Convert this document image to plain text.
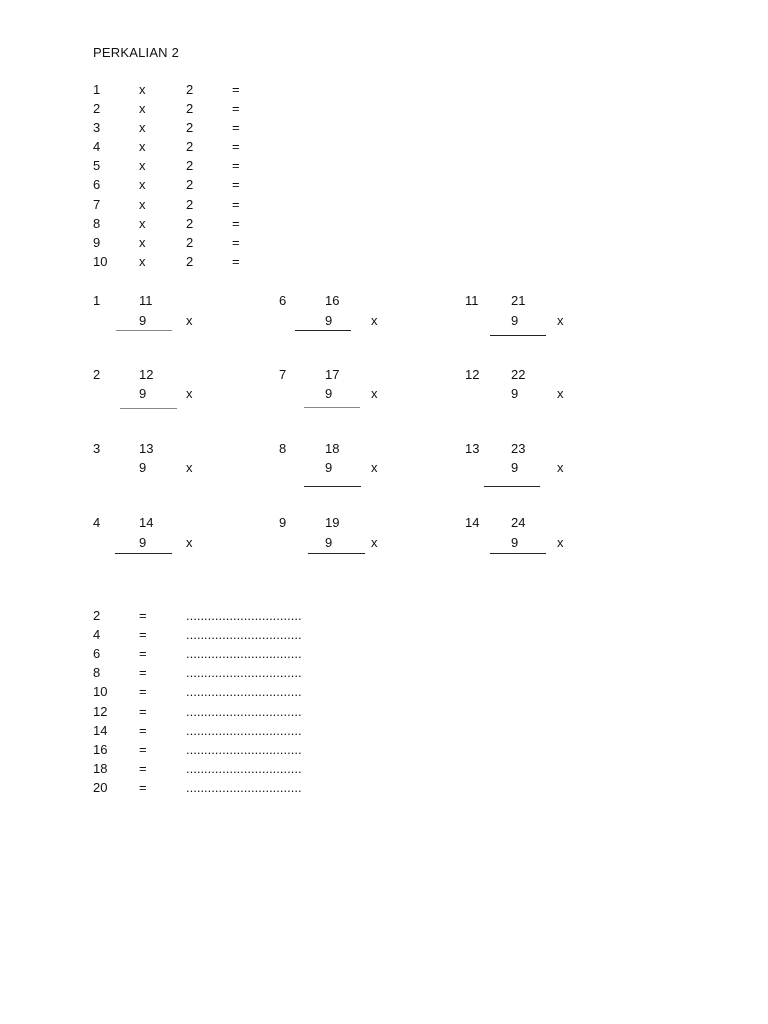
PERKALIAN 2
1	x	2	=
2	x	2	=
3	x	2	=
4	x	2	=
5	x	2	=
6	x	2	=
7	x	2	=
8	x	2	=
9	x	2	=
10 x	2	=
1	11
9	x
2	12
9	x
3	13
9	x
4	14
9	x
6	16
9	x
7	17
9	x
8	18
9	x
9	19
9	x
11	21
9	x
12 22
9	x
13 23
9	x
14 24
9	x
2	=	................................
4	=	................................
6	=	................................
8	=	................................
10 =	................................
12 =	................................
14 =	................................
16 =	................................
18 =	................................
20 =	................................
